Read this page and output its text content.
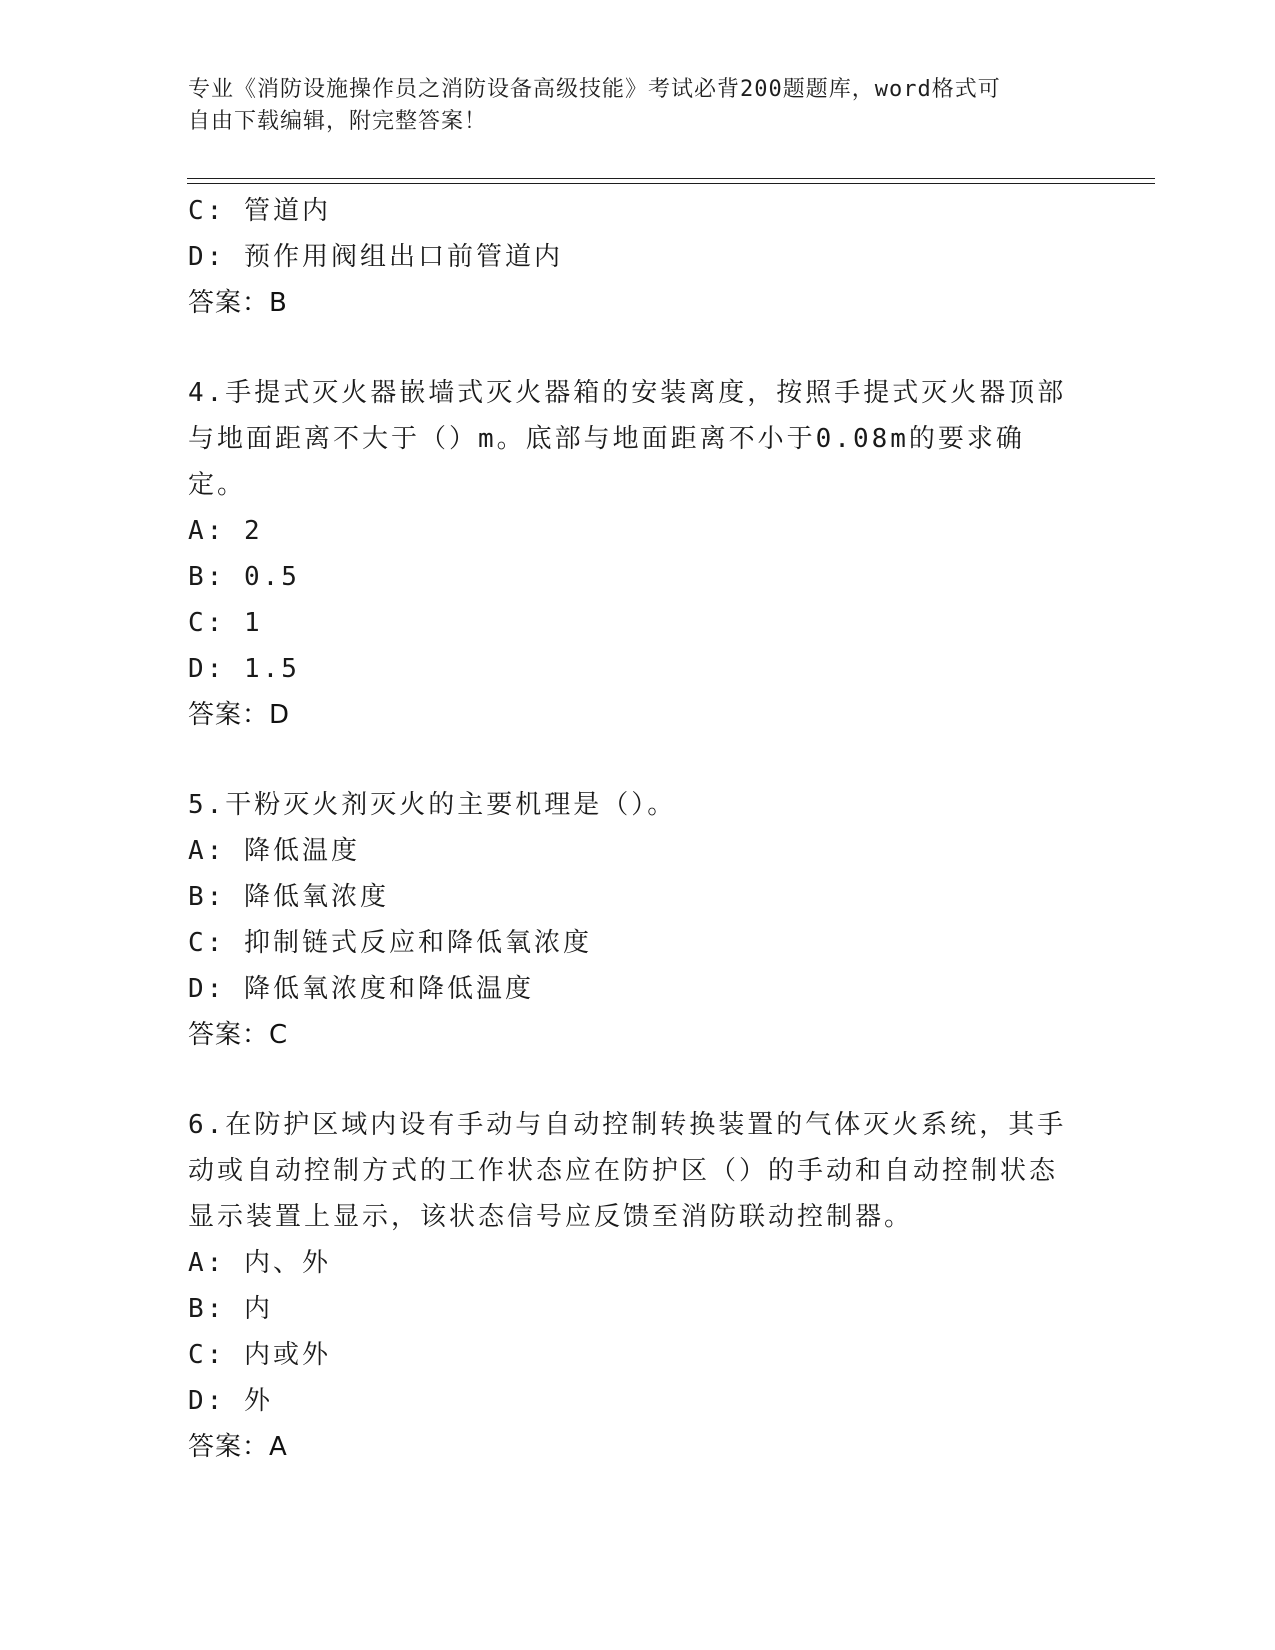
专业《消防设施操作员之消防设备高级技能》考试必背200题题库，word格式可
自由下载编辑，附完整答案！
C: 管道内
D: 预作用阀组出口前管道内
答案：B
4.手提式灭火器嵌墙式灭火器箱的安装离度，按照手提式灭火器顶部
与地面距离不大于（）m。底部与地面距离不小于0.08m的要求确定。
A: 2
B: 0.5
C: 1
D: 1.5
答案：D
5.干粉灭火剂灭火的主要机理是（）。
A: 降低温度
B: 降低氧浓度
C: 抑制链式反应和降低氧浓度
D: 降低氧浓度和降低温度
答案：C
6.在防护区域内设有手动与自动控制转换装置的气体灭火系统，其手
动或自动控制方式的工作状态应在防护区（）的手动和自动控制状态
显示装置上显示，该状态信号应反馈至消防联动控制器。
A: 内、外
B: 内
C: 内或外
D: 外
答案：A
